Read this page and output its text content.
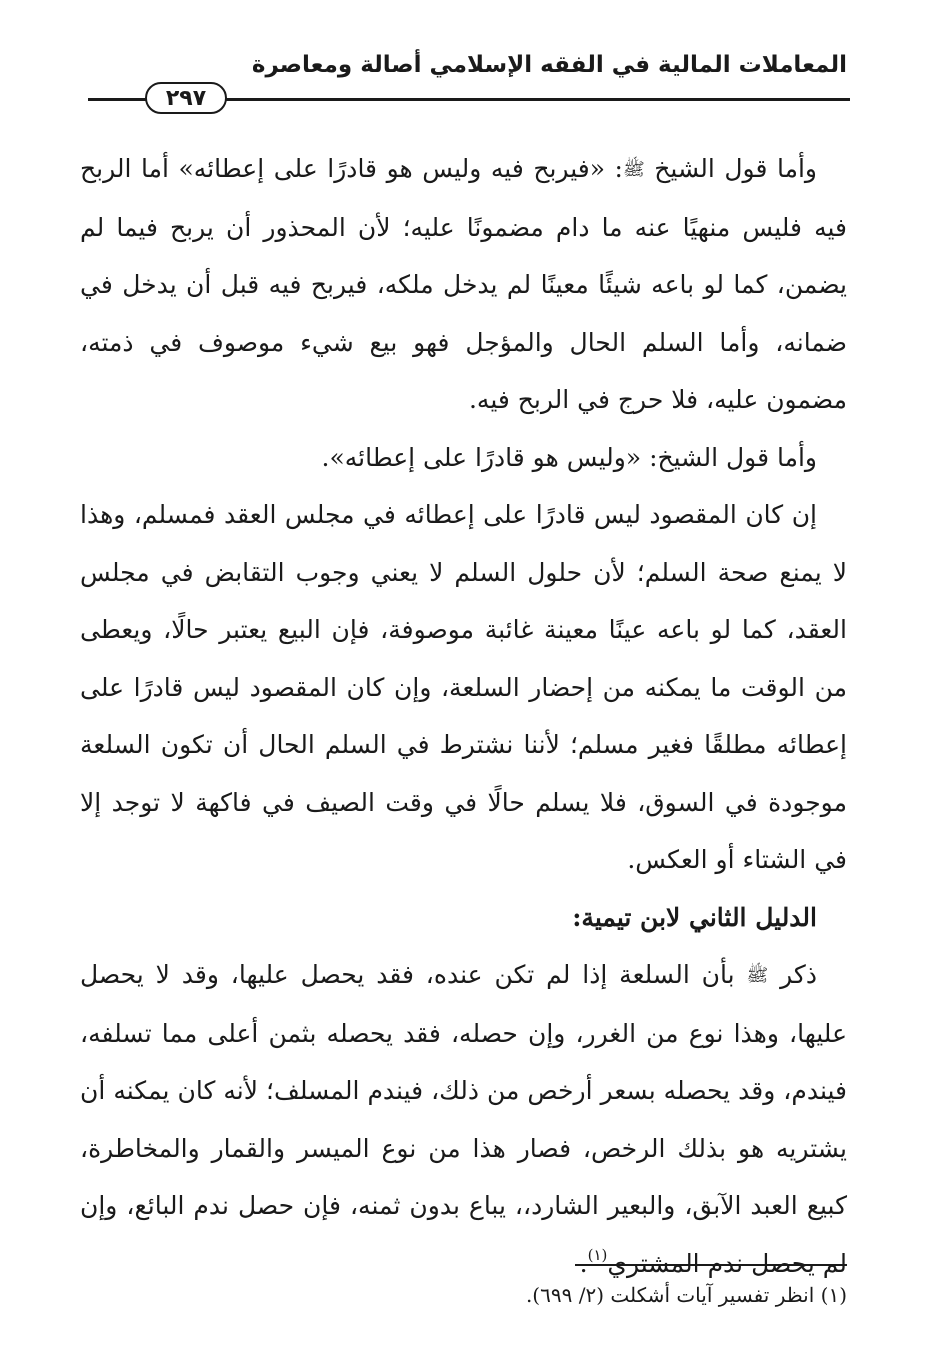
المعاملات المالية في الفقه الإسلامي أصالة ومعاصرة
٢٩٧

وأما قول الشيخ ﷺ: «فيربح فيه وليس هو قادرًا على إعطائه» أما الربح فيه فليس منهيًا عنه ما دام مضمونًا عليه؛ لأن المحذور أن يربح فيما لم يضمن، كما لو باعه شيئًا معينًا لم يدخل ملكه، فيربح فيه قبل أن يدخل في ضمانه، وأما السلم الحال والمؤجل فهو بيع شيء موصوف في ذمته، مضمون عليه، فلا حرج في الربح فيه.

وأما قول الشيخ: «وليس هو قادرًا على إعطائه».

إن كان المقصود ليس قادرًا على إعطائه في مجلس العقد فمسلم، وهذا لا يمنع صحة السلم؛ لأن حلول السلم لا يعني وجوب التقابض في مجلس العقد، كما لو باعه عينًا معينة غائبة موصوفة، فإن البيع يعتبر حالًا، ويعطى من الوقت ما يمكنه من إحضار السلعة، وإن كان المقصود ليس قادرًا على إعطائه مطلقًا فغير مسلم؛ لأننا نشترط في السلم الحال أن تكون السلعة موجودة في السوق، فلا يسلم حالًا في وقت الصيف في فاكهة لا توجد إلا في الشتاء أو العكس.

الدليل الثاني لابن تيمية:

ذكر ﷺ بأن السلعة إذا لم تكن عنده، فقد يحصل عليها، وقد لا يحصل عليها، وهذا نوع من الغرر، وإن حصله، فقد يحصله بثمن أعلى مما تسلفه، فيندم، وقد يحصله بسعر أرخص من ذلك، فيندم المسلف؛ لأنه كان يمكنه أن يشتريه هو بذلك الرخص، فصار هذا من نوع الميسر والقمار والمخاطرة، كبيع العبد الآبق، والبعير الشارد،، يباع بدون ثمنه، فإن حصل ندم البائع، وإن لم يحصل ندم المشتري$^{(١)}$.

(١) انظر تفسير آيات أشكلت (٢/ ٦٩٩).
